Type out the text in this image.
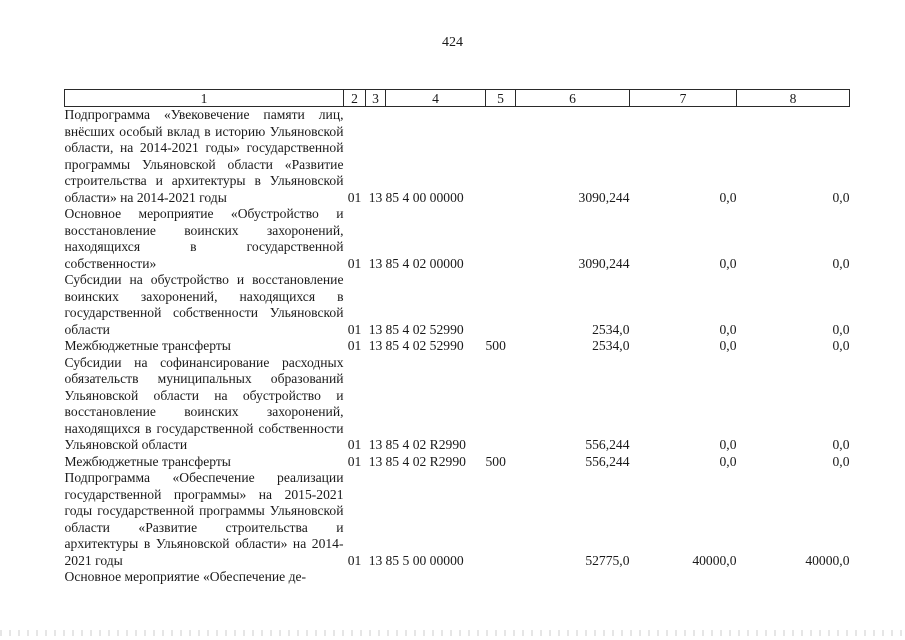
424
1	2	3	4	5	6	7	8
Подпрограмма «Увековечение памяти лиц, внёсших особый вклад в историю Ульяновской области, на 2014-2021 годы» государственной программы Ульяновской области «Развитие строительства и архитектуры в Ульяновской области» на 2014-2021 годы	01	13	85 4 00 00000		3090,244	0,0	0,0
Основное мероприятие «Обустройство и восстановление воинских захоронений, находящихся в государственной собственности»	01	13	85 4 02 00000		3090,244	0,0	0,0
Субсидии на обустройство и восстановление воинских захоронений, находящихся в государственной собственности Ульяновской области	01	13	85 4 02 52990		2534,0	0,0	0,0
Межбюджетные трансферты	01	13	85 4 02 52990	500	2534,0	0,0	0,0
Субсидии на софинансирование расходных обязательств муниципальных образований Ульяновской области на обустройство и восстановление воинских захоронений, находящихся в государственной собственности Ульяновской области	01	13	85 4 02 R2990		556,244	0,0	0,0
Межбюджетные трансферты	01	13	85 4 02 R2990	500	556,244	0,0	0,0
Подпрограмма «Обеспечение реализации государственной программы» на 2015-2021 годы государственной программы Ульяновской области «Развитие строительства и архитектуры в Ульяновской области» на 2014-2021 годы	01	13	85 5 00 00000		52775,0	40000,0	40000,0
Основное мероприятие «Обеспечение де-							
